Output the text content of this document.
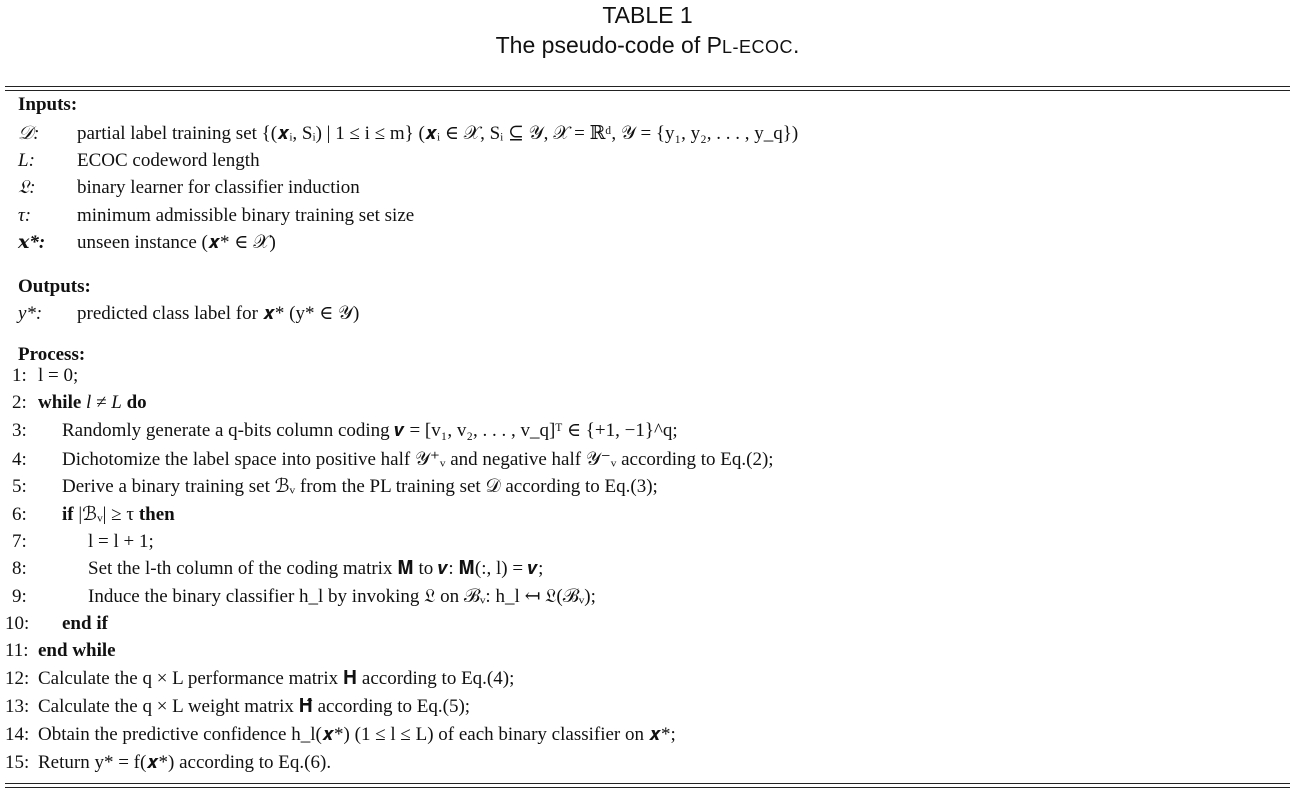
TABLE 1
The pseudo-code of PL-ECOC.
Inputs:
𝒟: partial label training set {(𝒙ᵢ, Sᵢ) | 1 ≤ i ≤ m} (𝒙ᵢ ∈ 𝒳, Sᵢ ⊆ 𝒴, 𝒳 = ℝᵈ, 𝒴 = {y₁, y₂, . . . , y_q})
L: ECOC codeword length
𝔏: binary learner for classifier induction
τ: minimum admissible binary training set size
𝒙*: unseen instance (𝒙* ∈ 𝒳)
Outputs:
y*: predicted class label for 𝒙* (y* ∈ 𝒴)
Process:
1: l = 0;
2: while l ≠ L do
3: Randomly generate a q-bits column coding 𝒗 = [v₁, v₂, . . . , v_q]ᵀ ∈ {+1, −1}^q;
4: Dichotomize the label space into positive half 𝒴⁺ᵥ and negative half 𝒴⁻ᵥ according to Eq.(2);
5: Derive a binary training set ℬᵥ from the PL training set 𝒟 according to Eq.(3);
6: if |ℬᵥ| ≥ τ then
7:	l = l + 1;
8:	Set the l-th column of the coding matrix 𝐌 to 𝒗: 𝐌(:, l) = 𝒗;
9:	Induce the binary classifier h_l by invoking 𝔏 on ℬᵥ: h_l ↤ 𝔏(ℬᵥ);
10: end if
11: end while
12: Calculate the q × L performance matrix 𝐇 according to Eq.(4);
13: Calculate the q × L weight matrix 𝐇̂ according to Eq.(5);
14: Obtain the predictive confidence h_l(𝒙*) (1 ≤ l ≤ L) of each binary classifier on 𝒙*;
15: Return y* = f(𝒙*) according to Eq.(6).
